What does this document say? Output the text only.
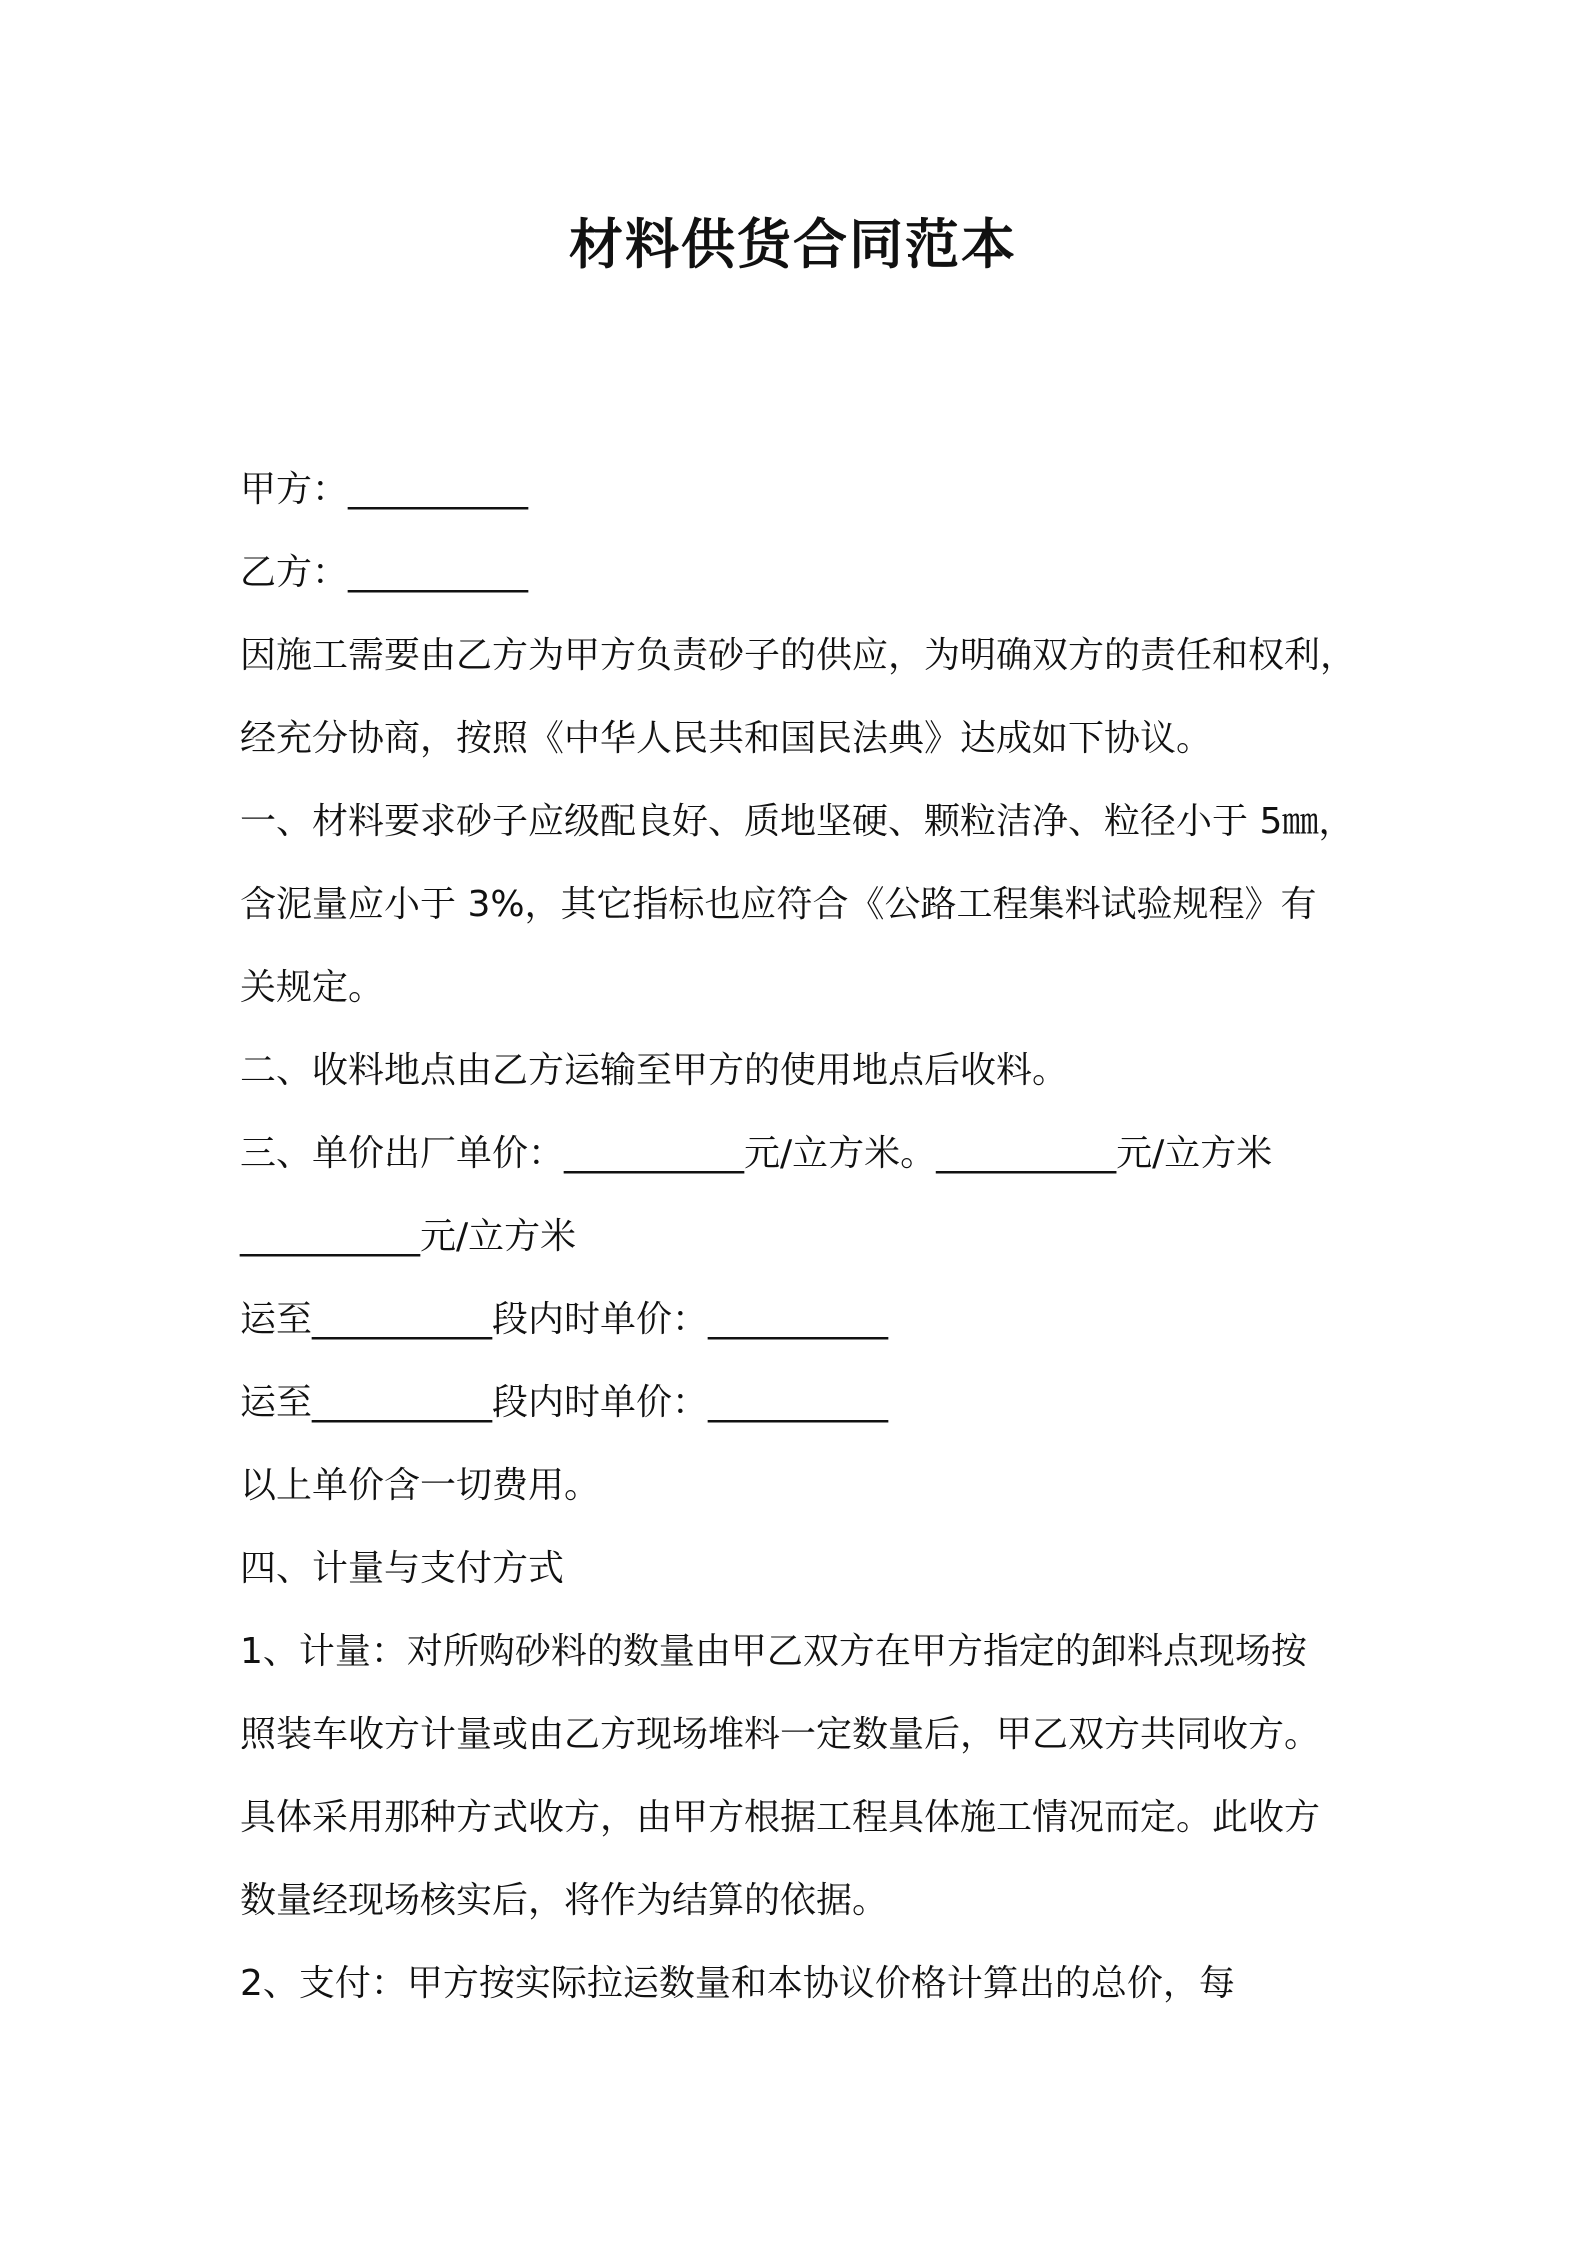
材料供货合同范本

甲方：__________

乙方：__________

因施工需要由乙方为甲方负责砂子的供应，为明确双方的责任和权利，

经充分协商，按照《中华人民共和国民法典》达成如下协议。

一、材料要求砂子应级配良好、质地坚硬、颗粒洁净、粒径小于 5㎜，

含泥量应小于 3%，其它指标也应符合《公路工程集料试验规程》有

关规定。

二、收料地点由乙方运输至甲方的使用地点后收料。

三、单价出厂单价：__________元/立方米。__________元/立方米

__________元/立方米

运至__________段内时单价：__________

运至__________段内时单价：__________

以上单价含一切费用。

四、计量与支付方式

1、计量：对所购砂料的数量由甲乙双方在甲方指定的卸料点现场按

照装车收方计量或由乙方现场堆料一定数量后，甲乙双方共同收方。

具体采用那种方式收方，由甲方根据工程具体施工情况而定。此收方

数量经现场核实后，将作为结算的依据。

2、支付：甲方按实际拉运数量和本协议价格计算出的总价，每
